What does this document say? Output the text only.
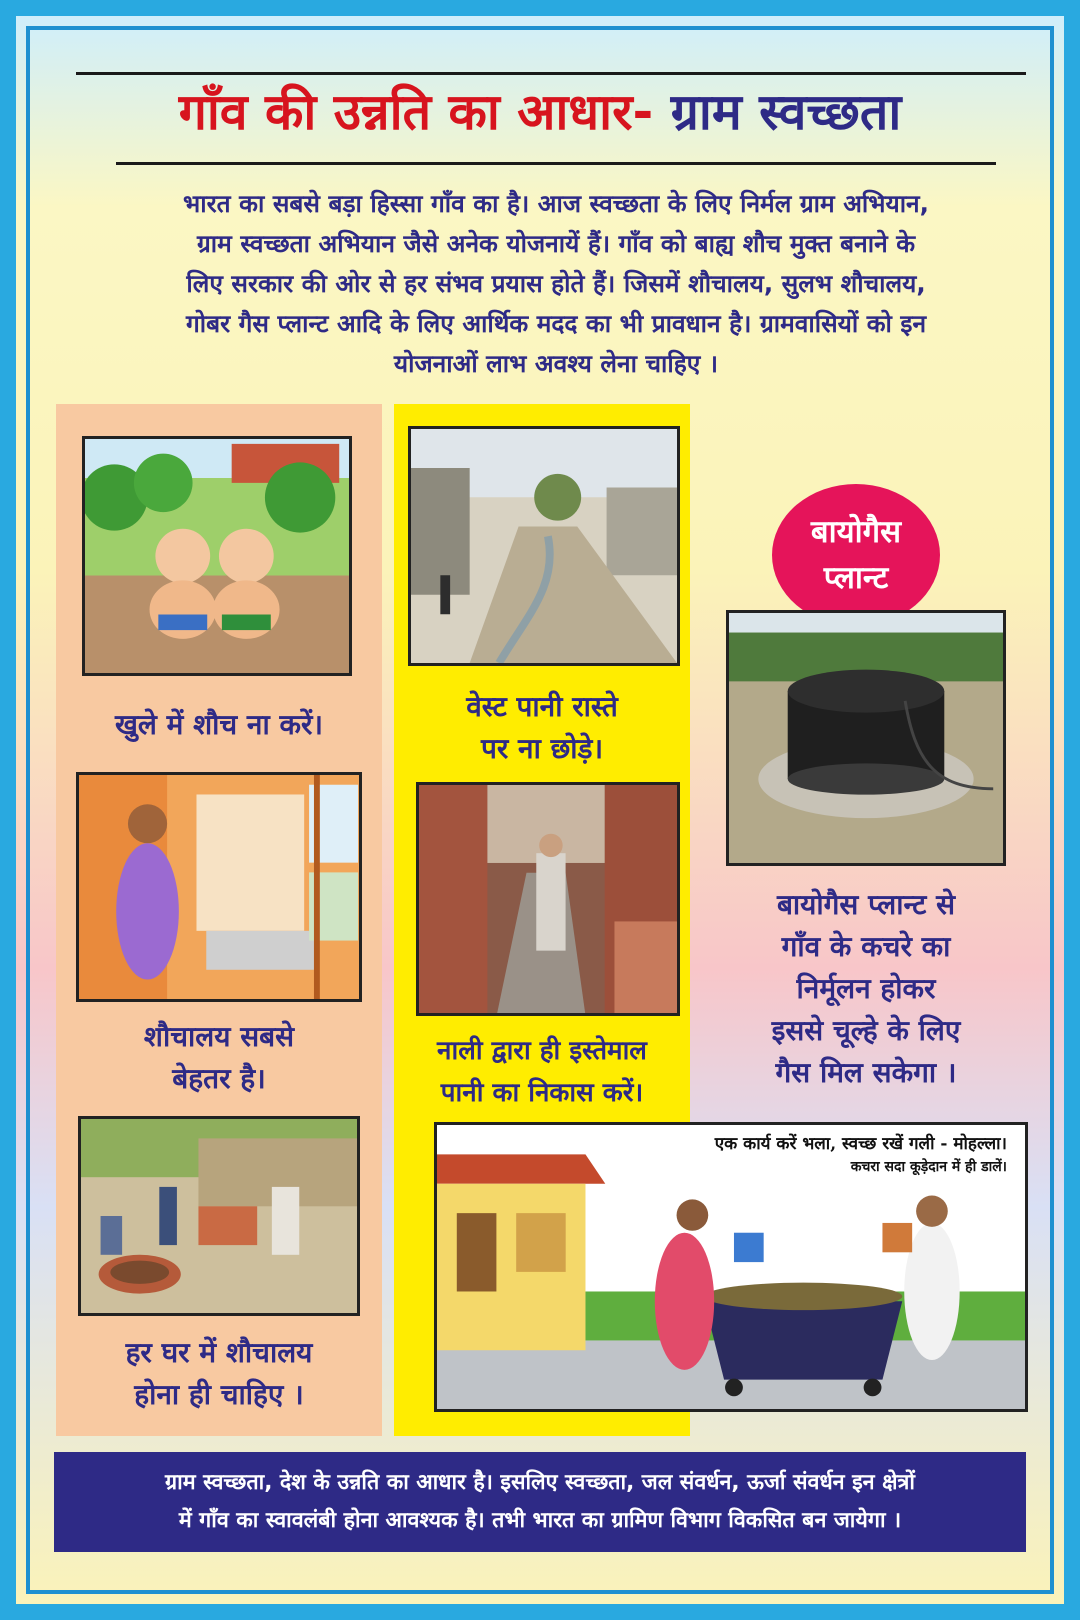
गाँव की उन्नति का आधार- ग्राम स्वच्छता
भारत का सबसे बड़ा हिस्सा गाँव का है। आज स्वच्छता के लिए निर्मल ग्राम अभियान,
ग्राम स्वच्छता अभियान जैसे अनेक योजनायें हैं। गाँव को बाह्य शौच मुक्त बनाने के
लिए सरकार की ओर से हर संभव प्रयास होते हैं। जिसमें शौचालय, सुलभ शौचालय,
गोबर गैस प्लान्ट आदि के लिए आर्थिक मदद का भी प्रावधान है। ग्रामवासियों को इन
योजनाओं लाभ अवश्य लेना चाहिए ।
खुले में शौच ना करें।
शौचालय सबसे
बेहतर है।
हर घर में शौचालय
होना ही चाहिए ।
वेस्ट पानी रास्ते
पर ना छोड़े।
नाली द्वारा ही इस्तेमाल
पानी का निकास करें।
बायोगैस
प्लान्ट
बायोगैस प्लान्ट से
गाँव के कचरे का
निर्मूलन होकर
इससे चूल्हे के लिए
गैस मिल सकेगा ।
एक कार्य करें भला, स्वच्छ रखें गली - मोहल्ला।
कचरा सदा कूड़ेदान में ही डालें।
ग्राम स्वच्छता, देश के उन्नति का आधार है। इसलिए स्वच्छता, जल संवर्धन, ऊर्जा संवर्धन इन क्षेत्रों
में गाँव का स्वावलंबी होना आवश्यक है। तभी भारत का ग्रामिण विभाग विकसित बन जायेगा ।
